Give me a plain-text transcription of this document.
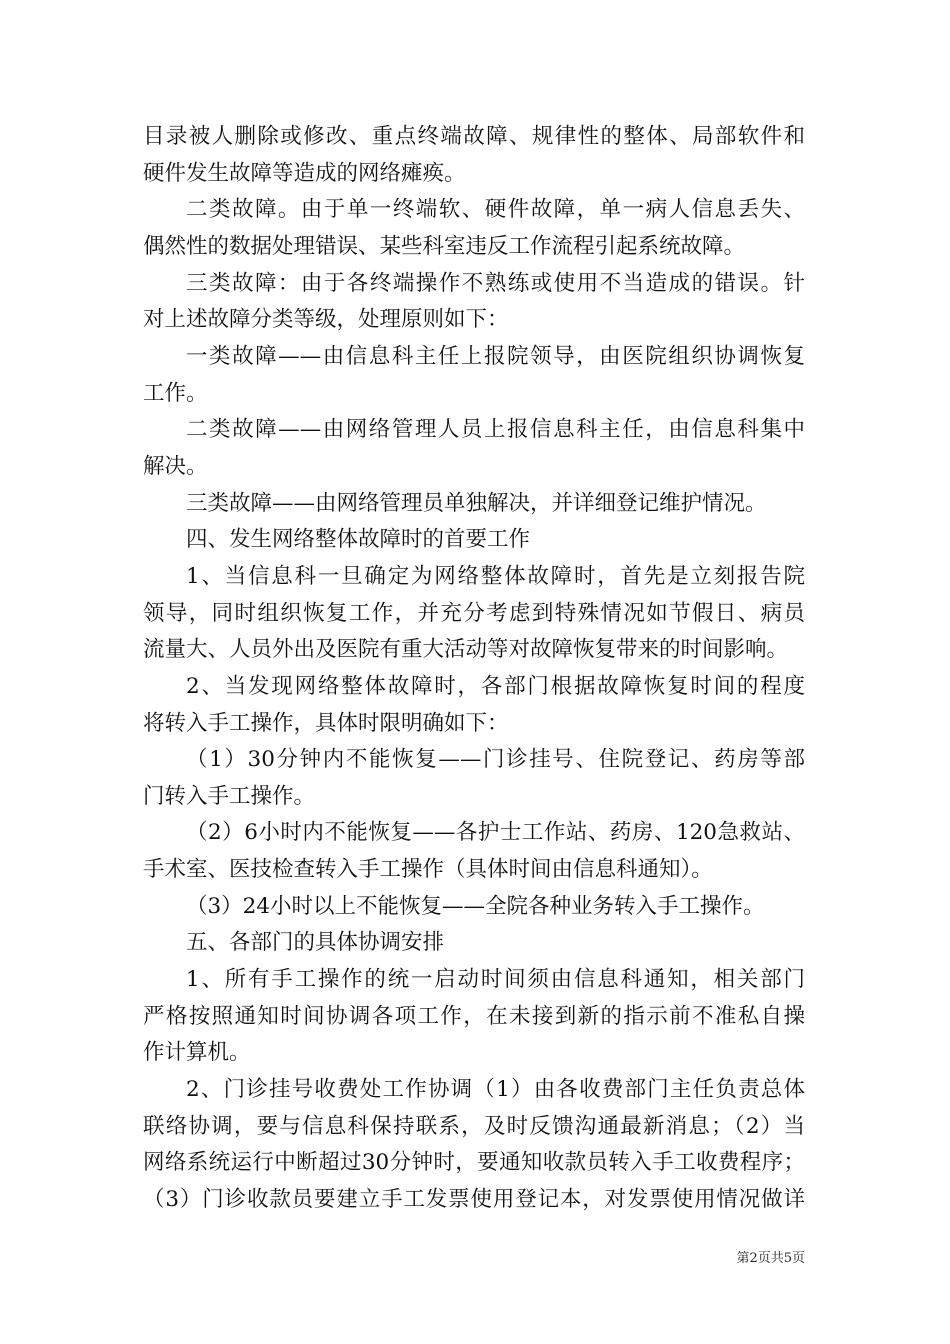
目录被人删除或修改、重点终端故障、规律性的整体、局部软件和
硬件发生故障等造成的网络瘫痪。
二类故障。由于单一终端软、硬件故障，单一病人信息丢失、
偶然性的数据处理错误、某些科室违反工作流程引起系统故障。
三类故障：由于各终端操作不熟练或使用不当造成的错误。针
对上述故障分类等级，处理原则如下：
一类故障——由信息科主任上报院领导，由医院组织协调恢复
工作。
二类故障——由网络管理人员上报信息科主任，由信息科集中
解决。
三类故障——由网络管理员单独解决，并详细登记维护情况。
四、发生网络整体故障时的首要工作
1、当信息科一旦确定为网络整体故障时，首先是立刻报告院
领导，同时组织恢复工作，并充分考虑到特殊情况如节假日、病员
流量大、人员外出及医院有重大活动等对故障恢复带来的时间影响。
2、当发现网络整体故障时，各部门根据故障恢复时间的程度
将转入手工操作，具体时限明确如下：
（1）30分钟内不能恢复——门诊挂号、住院登记、药房等部
门转入手工操作。
（2）6小时内不能恢复——各护士工作站、药房、120急救站、
手术室、医技检查转入手工操作（具体时间由信息科通知）。
（3）24小时以上不能恢复——全院各种业务转入手工操作。
五、各部门的具体协调安排
1、所有手工操作的统一启动时间须由信息科通知，相关部门
严格按照通知时间协调各项工作，在未接到新的指示前不准私自操
作计算机。
2、门诊挂号收费处工作协调（1）由各收费部门主任负责总体
联络协调，要与信息科保持联系，及时反馈沟通最新消息；（2）当
网络系统运行中断超过30分钟时，要通知收款员转入手工收费程序；
（3）门诊收款员要建立手工发票使用登记本，对发票使用情况做详
第2页共5页
